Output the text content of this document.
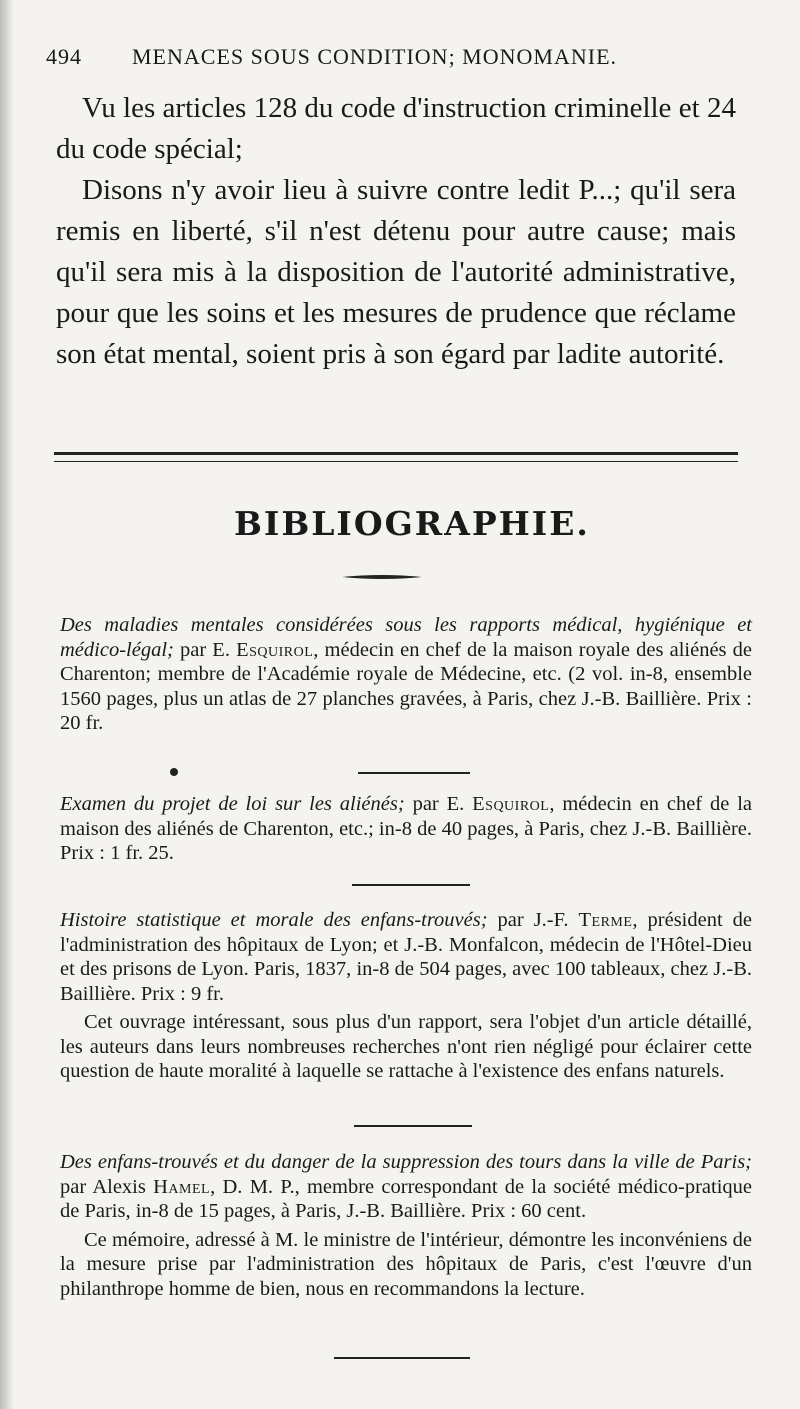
494 MENACES SOUS CONDITION; MONOMANIE.

Vu les articles 128 du code d'instruction criminelle et 24 du code spécial;

Disons n'y avoir lieu à suivre contre ledit P...; qu'il sera remis en liberté, s'il n'est détenu pour autre cause; mais qu'il sera mis à la disposition de l'autorité administrative, pour que les soins et les mesures de prudence que réclame son état mental, soient pris à son égard par ladite autorité.

BIBLIOGRAPHIE.

Des maladies mentales considérées sous les rapports médical, hygiénique et médico-légal; par E. Esquirol, médecin en chef de la maison royale des aliénés de Charenton; membre de l'Académie royale de Médecine, etc. (2 vol. in-8, ensemble 1560 pages, plus un atlas de 27 planches gravées, à Paris, chez J.-B. Baillière. Prix : 20 fr.

Examen du projet de loi sur les aliénés; par E. Esquirol, médecin en chef de la maison des aliénés de Charenton, etc.; in-8 de 40 pages, à Paris, chez J.-B. Baillière. Prix : 1 fr. 25.

Histoire statistique et morale des enfans-trouvés; par J.-F. Terme, président de l'administration des hôpitaux de Lyon; et J.-B. Monfalcon, médecin de l'Hôtel-Dieu et des prisons de Lyon. Paris, 1837, in-8 de 504 pages, avec 100 tableaux, chez J.-B. Baillière. Prix : 9 fr.

Cet ouvrage intéressant, sous plus d'un rapport, sera l'objet d'un article détaillé, les auteurs dans leurs nombreuses recherches n'ont rien négligé pour éclairer cette question de haute moralité à laquelle se rattache à l'existence des enfans naturels.

Des enfans-trouvés et du danger de la suppression des tours dans la ville de Paris; par Alexis Hamel, D. M. P., membre correspondant de la société médico-pratique de Paris, in-8 de 15 pages, à Paris, J.-B. Baillière. Prix : 60 cent.

Ce mémoire, adressé à M. le ministre de l'intérieur, démontre les inconvéniens de la mesure prise par l'administration des hôpitaux de Paris, c'est l'œuvre d'un philanthrope homme de bien, nous en recommandons la lecture.
